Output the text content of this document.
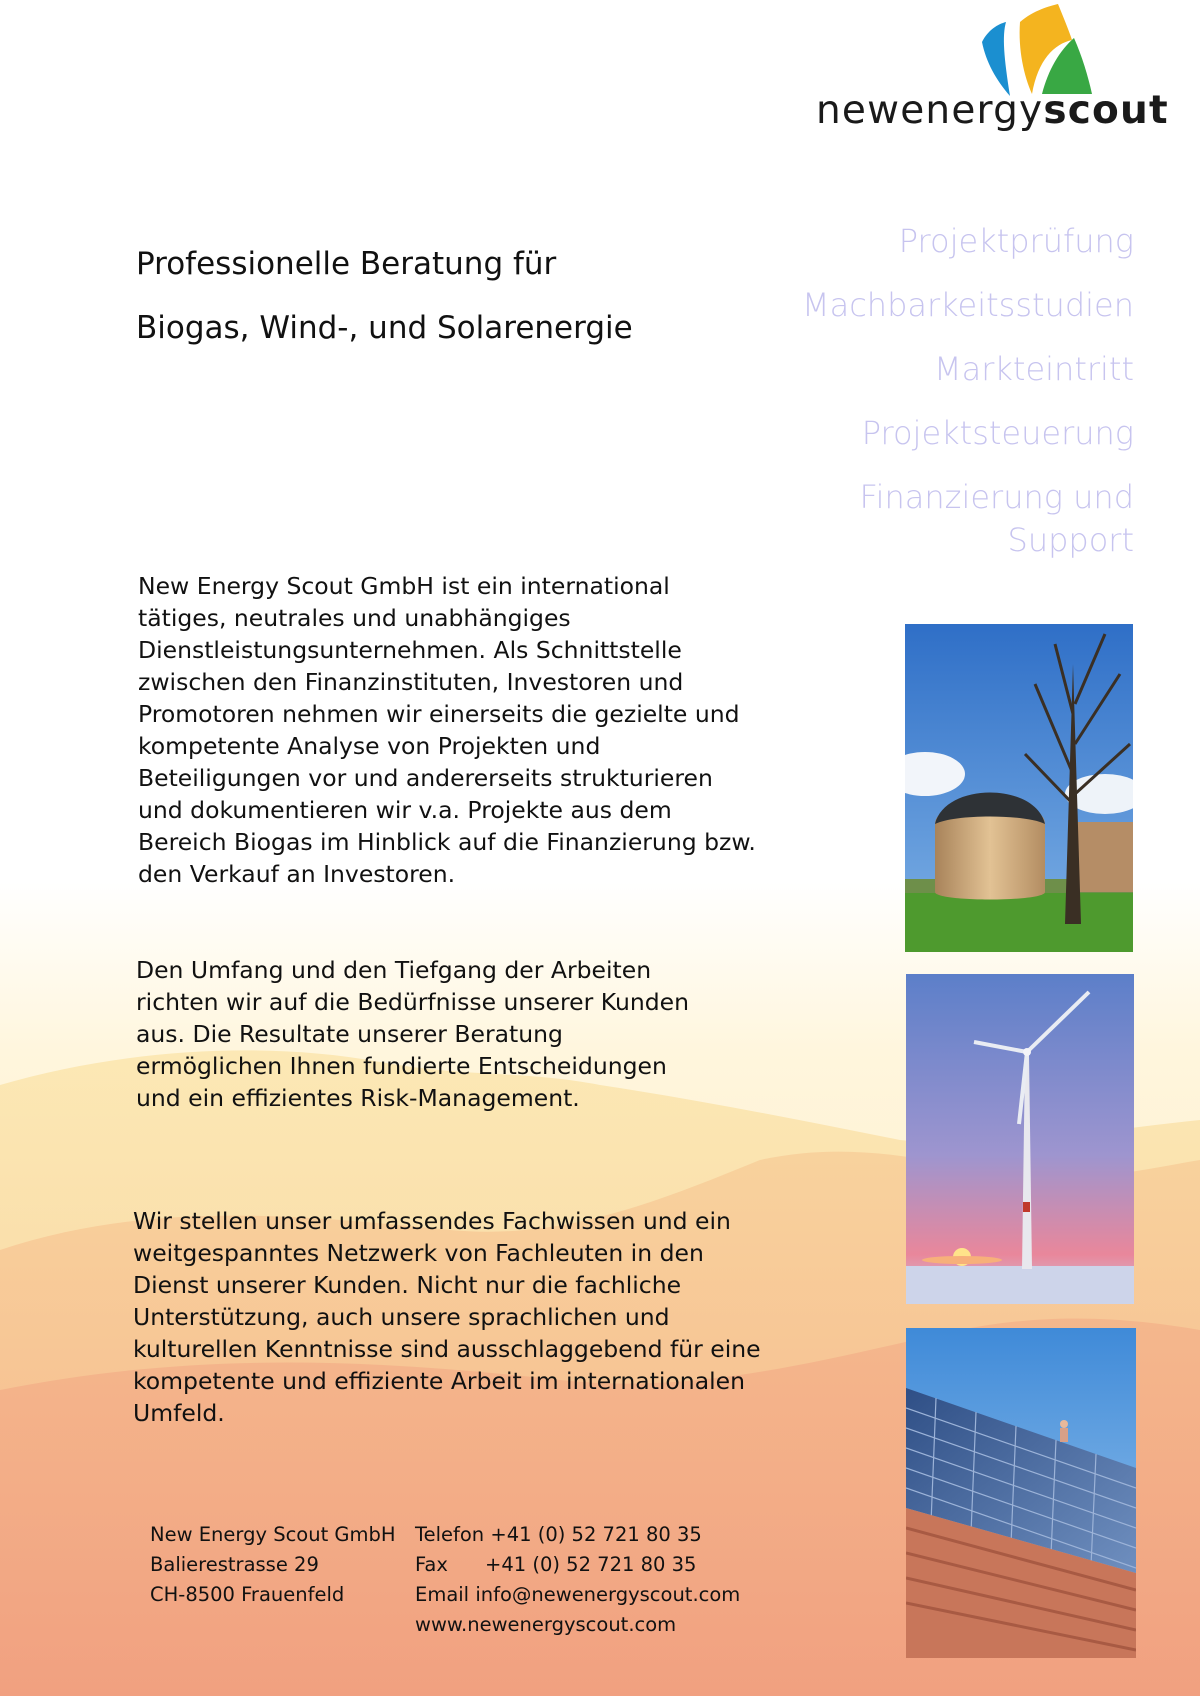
newenergyscout
Professionelle Beratung für
Biogas, Wind-, und Solarenergie
Projektprüfung
Machbarkeitsstudien
Markteintritt
Projektsteuerung
Finanzierung und Support

New Energy Scout GmbH ist ein international tätiges, neutrales und unabhängiges Dienstleistungsunternehmen. Als Schnittstelle zwischen den Finanzinstituten, Investoren und Promotoren nehmen wir einerseits die gezielte und kompetente Analyse von Projekten und Beteiligungen vor und andererseits strukturieren und dokumentieren wir v.a. Projekte aus dem Bereich Biogas im Hinblick auf die Finanzierung bzw. den Verkauf an Investoren.

Den Umfang und den Tiefgang der Arbeiten richten wir auf die Bedürfnisse unserer Kunden aus. Die Resultate unserer Beratung ermöglichen Ihnen fundierte Entscheidungen und ein effizientes Risk-Management.

Wir stellen unser umfassendes Fachwissen und ein weitgespanntes Netzwerk von Fachleuten in den Dienst unserer Kunden. Nicht nur die fachliche Unterstützung, auch unsere sprachlichen und kulturellen Kenntnisse sind ausschlaggebend für eine kompetente und effiziente Arbeit im internationalen Umfeld.

New Energy Scout GmbH
Balierestrasse 29
CH-8500 Frauenfeld
Telefon +41 (0) 52 721 80 35
Fax +41 (0) 52 721 80 35
Email info@newenergyscout.com
www.newenergyscout.com
